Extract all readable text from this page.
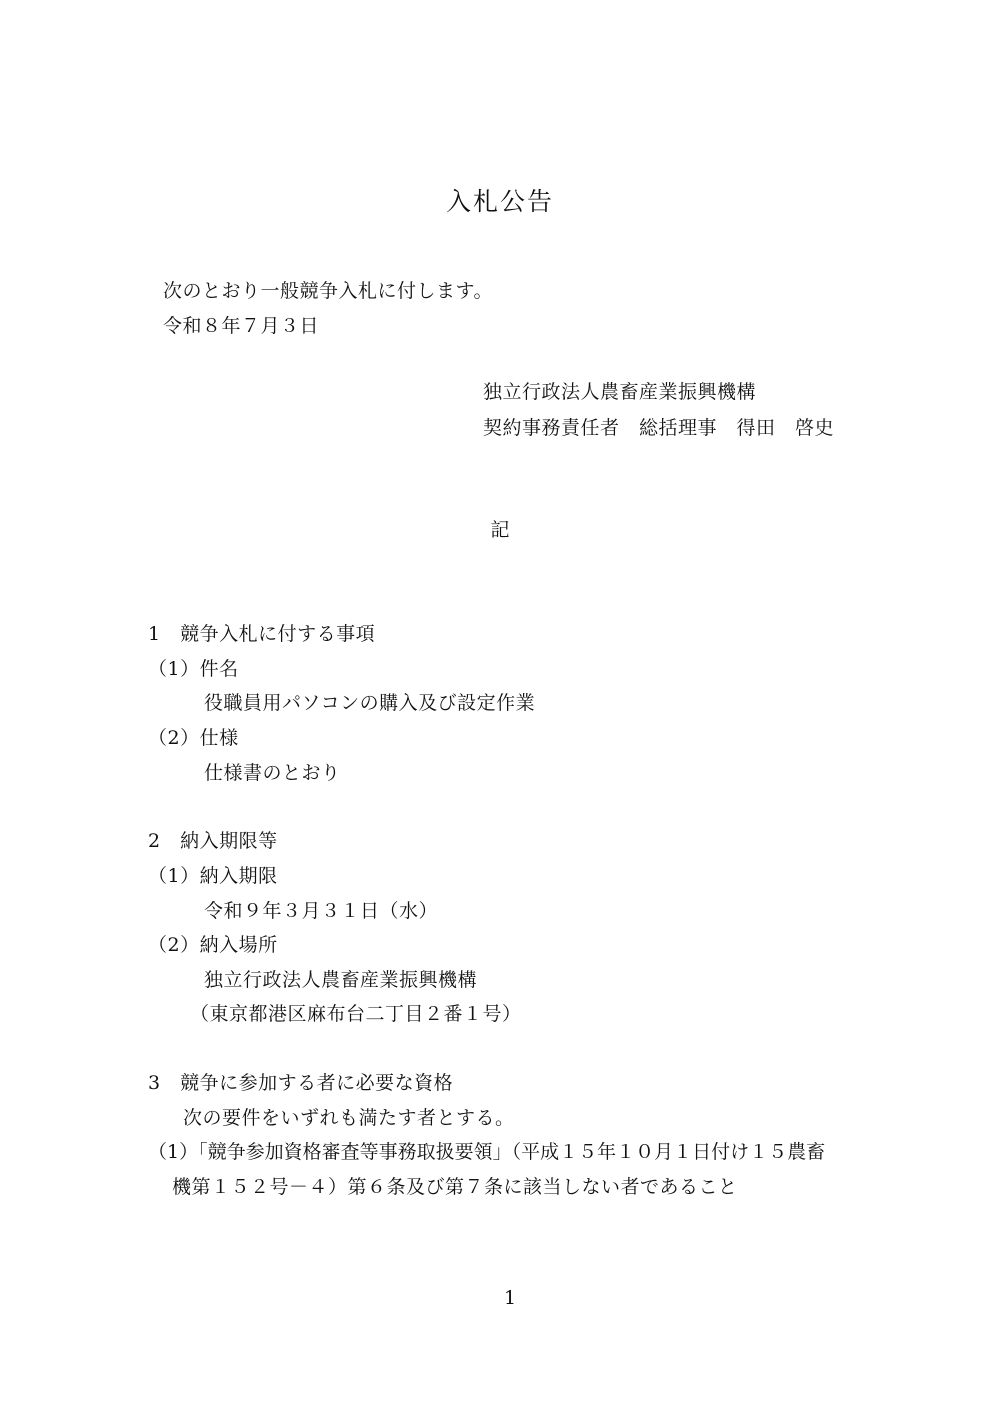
入札公告
次のとおり一般競争入札に付します。
令和８年７月３日
独立行政法人農畜産業振興機構
契約事務責任者　総括理事　得田　啓史
記
1　競争入札に付する事項
（1）件名
役職員用パソコンの購入及び設定作業
（2）仕様
仕様書のとおり
2　納入期限等
（1）納入期限
令和９年３月３１日（水）
（2）納入場所
独立行政法人農畜産業振興機構
（東京都港区麻布台二丁目２番１号）
3　競争に参加する者に必要な資格
次の要件をいずれも満たす者とする。
（1）「競争参加資格審査等事務取扱要領」（平成１５年１０月１日付け１５農畜
機第１５２号－４）第６条及び第７条に該当しない者であること
1
